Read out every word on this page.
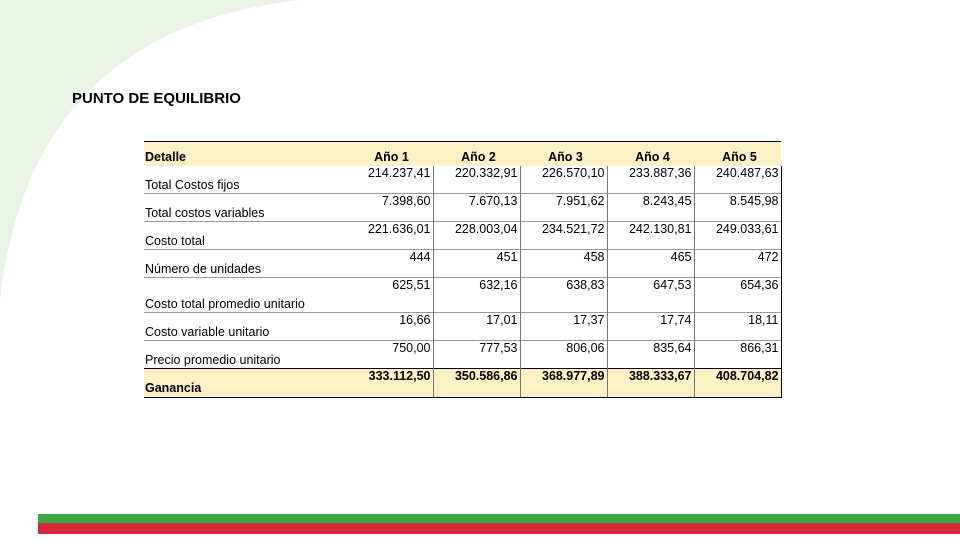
PUNTO DE EQUILIBRIO
Detalle	Año 1	Año 2	Año 3	Año 4	Año 5
Total Costos fijos	214.237,41	220.332,91	226.570,10	233.887,36	240.487,63
Total costos variables	7.398,60	7.670,13	7.951,62	8.243,45	8.545,98
Costo total	221.636,01	228.003,04	234.521,72	242.130,81	249.033,61
Número de unidades	444	451	458	465	472
Costo total promedio unitario	625,51	632,16	638,83	647,53	654,36
Costo variable unitario	16,66	17,01	17,37	17,74	18,11
Precio promedio unitario	750,00	777,53	806,06	835,64	866,31
Ganancia	333.112,50	350.586,86	368.977,89	388.333,67	408.704,82
